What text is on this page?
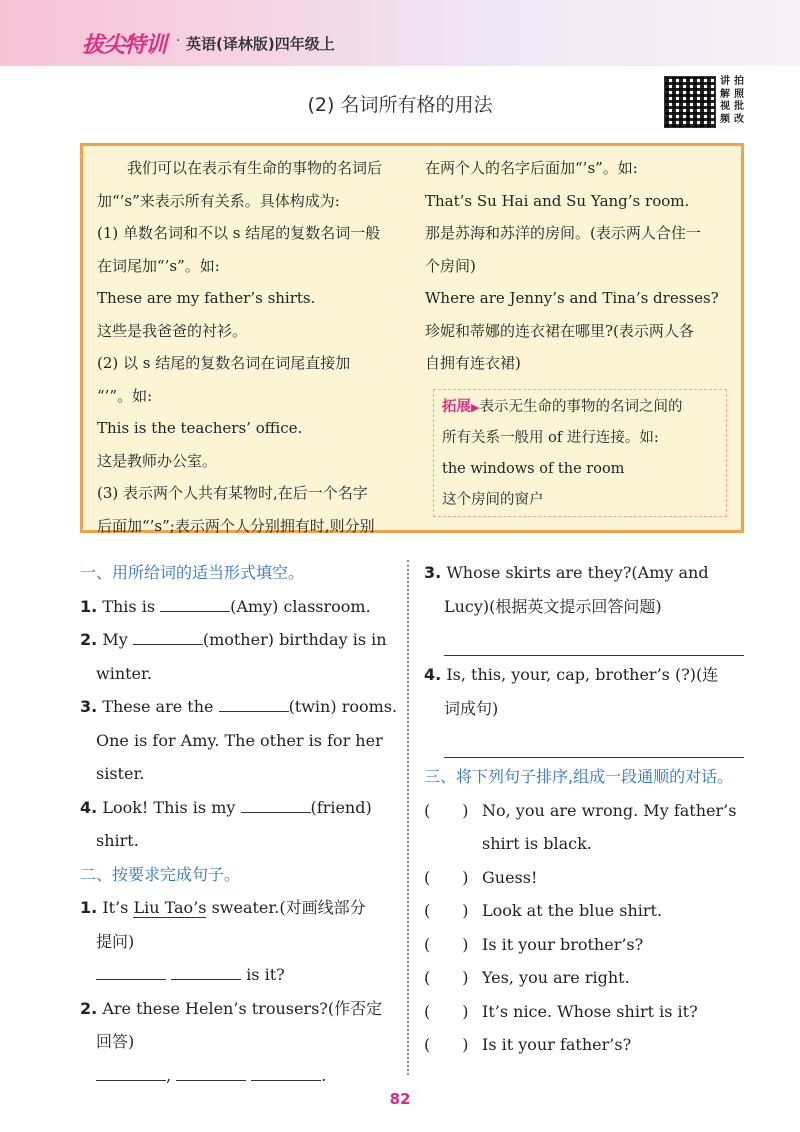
拔尖特训 · 英语(译林版)四年级上
(2) 名词所有格的用法
讲 拍
解 照
视 批
频 改

　　我们可以在表示有生命的事物的名词后

加“’s”来表示所有关系。具体构成为:

(1) 单数名词和不以 s 结尾的复数名词一般

在词尾加“’s”。如:

These are my father’s shirts.

这些是我爸爸的衬衫。

(2) 以 s 结尾的复数名词在词尾直接加

“’”。如:

This is the teachers’ office.

这是教师办公室。

(3) 表示两个人共有某物时,在后一个名字

后面加“’s”;表示两个人分别拥有时,则分别

在两个人的名字后面加“’s”。如:

That’s Su Hai and Su Yang’s room.

那是苏海和苏洋的房间。(表示两人合住一

个房间)

Where are Jenny’s and Tina’s dresses?

珍妮和蒂娜的连衣裙在哪里?(表示两人各

自拥有连衣裙)

拓展▶表示无生命的事物的名词之间的
所有关系一般用 of 进行连接。如:
the windows of the room
这个房间的窗户
一、用所给词的适当形式填空。
1. This is	(Amy) classroom.
2. My	(mother) birthday is in
winter.
3. These are the	(twin) rooms.
One is for Amy. The other is for her
sister.
4. Look! This is my	(friend)
shirt.
二、按要求完成句子。
1. It’s Liu Tao’s sweater.(对画线部分
提问)
is it?
2. Are these Helen’s trousers?(作否定
回答)
,	.
3. Whose skirts are they?(Amy and
Lucy)(根据英文提示回答问题)
4. Is, this, your, cap, brother’s (?)(连
词成句)
三、将下列句子排序,组成一段通顺的对话。
(　　) No, you are wrong. My father’s
shirt is black.
(　　) Guess!
(　　) Look at the blue shirt.
(　　) Is it your brother’s?
(　　) Yes, you are right.
(　　) It’s nice. Whose shirt is it?
(　　) Is it your father’s?
82
